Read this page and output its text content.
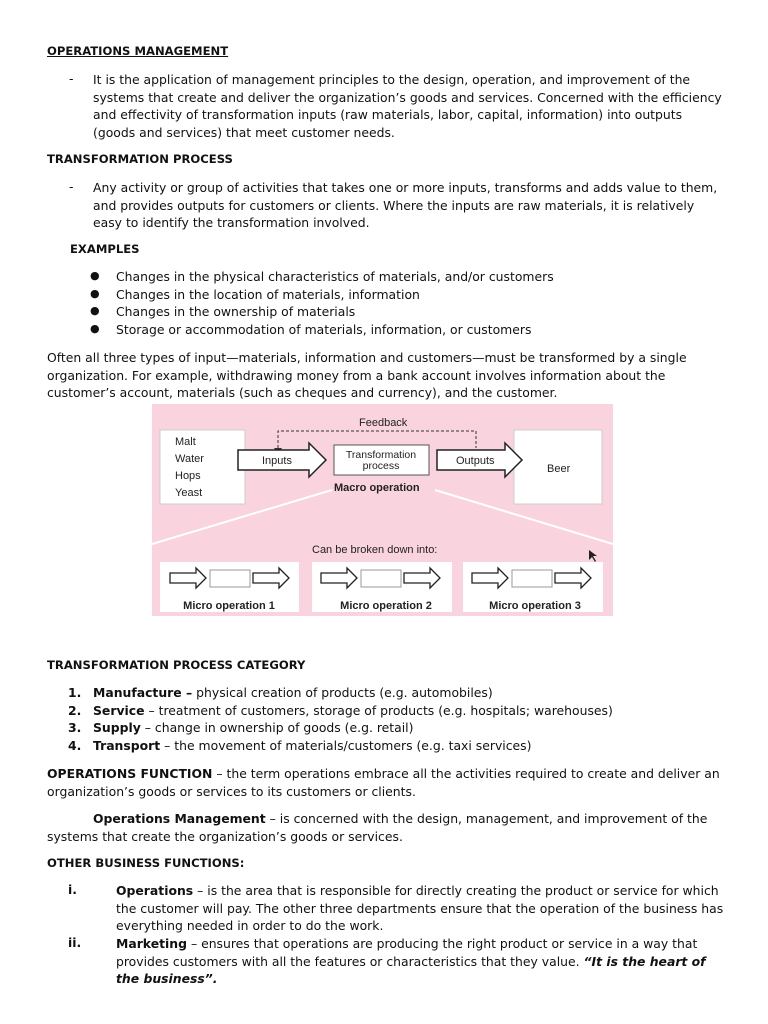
OPERATIONS MANAGEMENT
- It is the application of management principles to the design, operation, and improvement of the systems that create and deliver the organization’s goods and services. Concerned with the efficiency and effectivity of transformation inputs (raw materials, labor, capital, information) into outputs (goods and services) that meet customer needs.

TRANSFORMATION PROCESS
- Any activity or group of activities that takes one or more inputs, transforms and adds value to them, and provides outputs for customers or clients. Where the inputs are raw materials, it is relatively easy to identify the transformation involved.

EXAMPLES
● Changes in the physical characteristics of materials, and/or customers
● Changes in the location of materials, information
● Changes in the ownership of materials
● Storage or accommodation of materials, information, or customers

Often all three types of input—materials, information and customers—must be transformed by a single organization. For example, withdrawing money from a bank account involves information about the customer’s account, materials (such as cheques and currency), and the customer.

Malt
Water
Hops
Yeast
Beer
Feedback
Inputs	Transformation
process
Macro operation
Outputs
Can be broken down into:
Micro operation 1	Micro operation 2	Micro operation 3
TRANSFORMATION PROCESS CATEGORY
1. Manufacture – physical creation of products (e.g. automobiles)
2. Service – treatment of customers, storage of products (e.g. hospitals; warehouses)
3. Supply – change in ownership of goods (e.g. retail)
4. Transport – the movement of materials/customers (e.g. taxi services)

OPERATIONS FUNCTION – the term operations embrace all the activities required to create and deliver an organization’s goods or services to its customers or clients.

Operations Management – is concerned with the design, management, and improvement of the systems that create the organization’s goods or services.

OTHER BUSINESS FUNCTIONS:
i.	Operations – is the area that is responsible for directly creating the product or service for which the customer will pay. The other three departments ensure that the operation of the business has everything needed in order to do the work.

ii.	Marketing – ensures that operations are producing the right product or service in a way that provides customers with all the features or characteristics that they value. “It is the heart of the business”.
